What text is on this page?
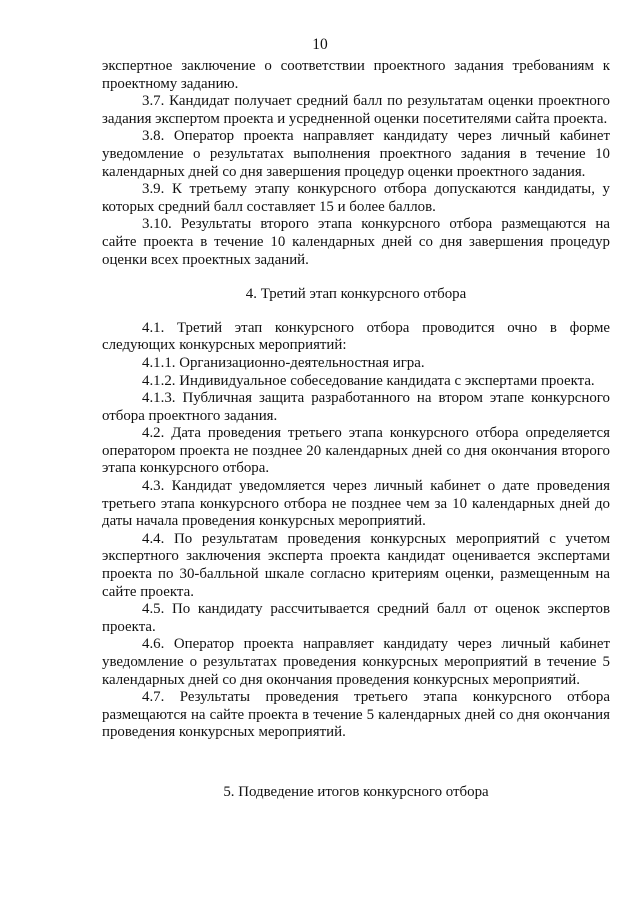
10

экспертное заключение о соответствии проектного задания требованиям к проектному заданию.

3.7. Кандидат получает средний балл по результатам оценки проектного задания экспертом проекта и усредненной оценки посетителями сайта проекта.

3.8. Оператор проекта направляет кандидату через личный кабинет уведомление о результатах выполнения проектного задания в течение 10 календарных дней со дня завершения процедур оценки проектного задания.

3.9. К третьему этапу конкурсного отбора допускаются кандидаты, у которых средний балл составляет 15 и более баллов.

3.10. Результаты второго этапа конкурсного отбора размещаются на сайте проекта в течение 10 календарных дней со дня завершения процедур оценки всех проектных заданий.

4. Третий этап конкурсного отбора

4.1. Третий этап конкурсного отбора проводится очно в форме следующих конкурсных мероприятий:

4.1.1. Организационно-деятельностная игра.

4.1.2. Индивидуальное собеседование кандидата с экспертами проекта.

4.1.3. Публичная защита разработанного на втором этапе конкурсного отбора проектного задания.

4.2. Дата проведения третьего этапа конкурсного отбора определяется оператором проекта не позднее 20 календарных дней со дня окончания второго этапа конкурсного отбора.

4.3. Кандидат уведомляется через личный кабинет о дате проведения третьего этапа конкурсного отбора не позднее чем за 10 календарных дней до даты начала проведения конкурсных мероприятий.

4.4. По результатам проведения конкурсных мероприятий с учетом экспертного заключения эксперта проекта кандидат оценивается экспертами проекта по 30-балльной шкале согласно критериям оценки, размещенным на сайте проекта.

4.5. По кандидату рассчитывается средний балл от оценок экспертов проекта.

4.6. Оператор проекта направляет кандидату через личный кабинет уведомление о результатах проведения конкурсных мероприятий в течение 5 календарных дней со дня окончания проведения конкурсных мероприятий.

4.7. Результаты проведения третьего этапа конкурсного отбора размещаются на сайте проекта в течение 5 календарных дней со дня окончания проведения конкурсных мероприятий.

5. Подведение итогов конкурсного отбора
